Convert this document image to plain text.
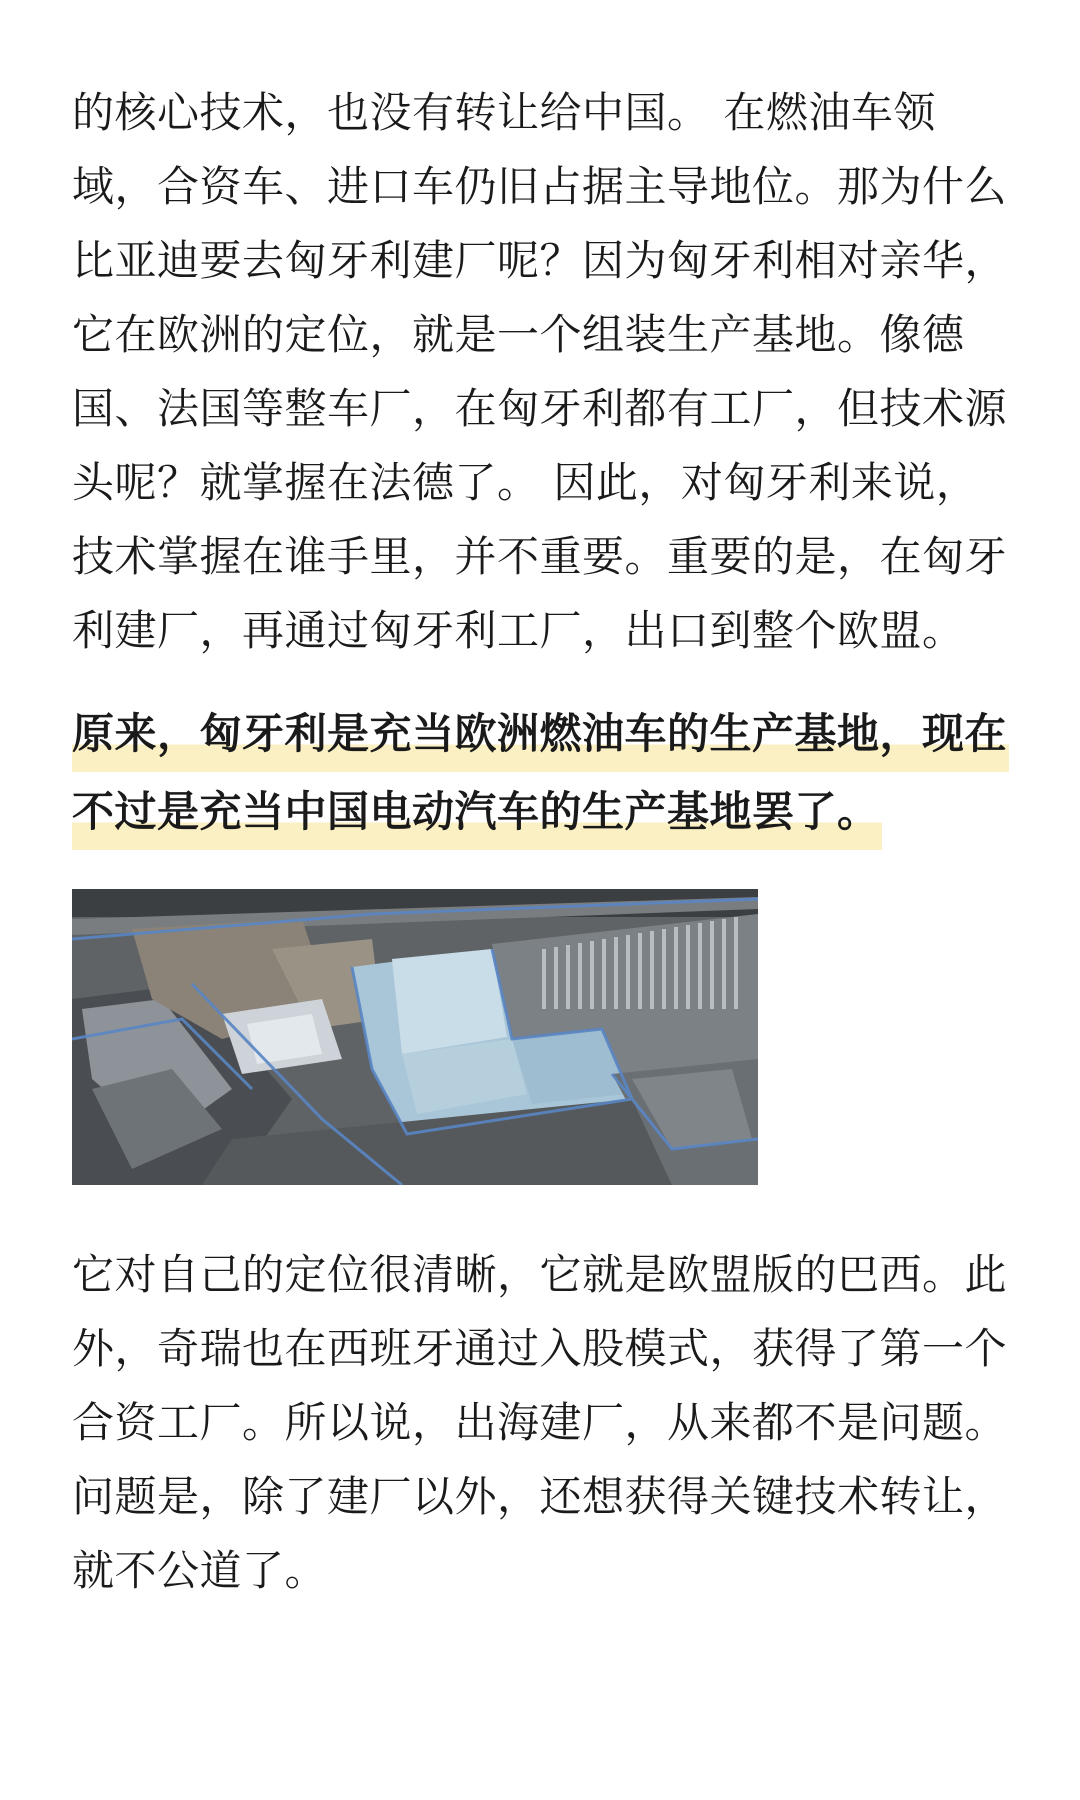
的核心技术，也没有转让给中国。 在燃油车领域，合资车、进口车仍旧占据主导地位。那为什么比亚迪要去匈牙利建厂呢？因为匈牙利相对亲华，它在欧洲的定位，就是一个组装生产基地。像德国、法国等整车厂，在匈牙利都有工厂，但技术源头呢？就掌握在法德了。 因此，对匈牙利来说，技术掌握在谁手里，并不重要。重要的是，在匈牙利建厂，再通过匈牙利工厂，出口到整个欧盟。

原来，匈牙利是充当欧洲燃油车的生产基地，现在
不过是充当中国电动汽车的生产基地罢了。

它对自己的定位很清晰，它就是欧盟版的巴西。此外，奇瑞也在西班牙通过入股模式，获得了第一个合资工厂。所以说，出海建厂，从来都不是问题。问题是，除了建厂以外，还想获得关键技术转让，就不公道了。
